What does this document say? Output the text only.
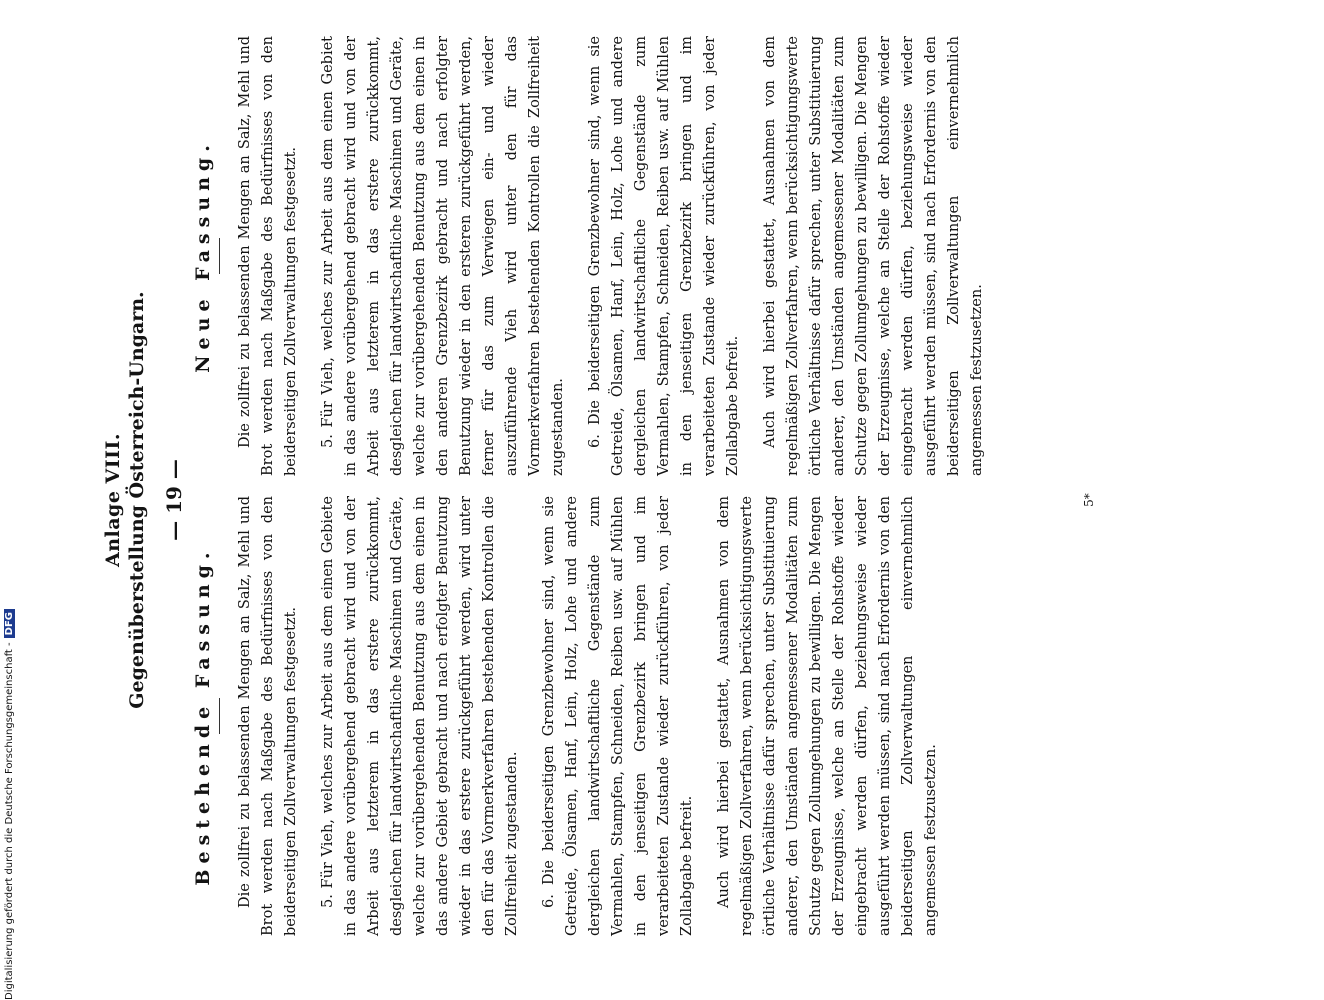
Anlage VIII. Gegenüberstellung Österreich-Ungarn. — 19 —
Bestehende Fassung. Die zollfrei zu belassenden Mengen an Salz, Mehl und Brot werden nach Maßgabe des Bedürfnisses von den beiderseitigen Zollverwaltungen festgesetzt. 5. Für Vieh, welches zur Arbeit aus dem einen Gebiete in das andere vorübergehend gebracht wird und von der Arbeit aus letzterem in das erstere zurückkommt, desgleichen für landwirtschaftliche Maschinen und Geräte, welche zur vorübergehenden Benutzung aus dem einen in das andere Gebiet gebracht und nach erfolgter Benutzung wieder in das erstere zurückgeführt werden, wird unter den für das Vormerkverfahren bestehenden Kontrollen die Zollfreiheit zugestanden. 6. Die beiderseitigen Grenzbewohner sind, wenn sie Getreide, Ölsamen, Hanf, Lein, Holz, Lohe und andere dergleichen landwirtschaftliche Gegenstände zum Vermahlen, Stampfen, Schneiden, Reiben usw. auf Mühlen in den jenseitigen Grenzbezirk bringen und im verarbeiteten Zustande wieder zurückführen, von jeder Zollabgabe befreit. Auch wird hierbei gestattet, Ausnahmen von dem regelmäßigen Zollverfahren, wenn berücksichtigungswerte örtliche Verhältnisse dafür sprechen, unter Substituierung anderer, den Umständen angemessener Modalitäten zum Schutze gegen Zollumgehungen zu bewilligen. Die Mengen der Erzeugnisse, welche an Stelle der Rohstoffe wieder eingebracht werden dürfen, beziehungsweise wieder ausgeführt werden müssen, sind nach Erfordernis von den beiderseitigen Zollverwaltungen einvernehmlich angemessen festzusetzen.

Neue Fassung. Die zollfrei zu belassenden Mengen an Salz, Mehl und Brot werden nach Maßgabe des Bedürfnisses von den beiderseitigen Zollverwaltungen festgesetzt. 5. Für Vieh, welches zur Arbeit aus dem einen Gebiet in das andere vorübergehend gebracht wird und von der Arbeit aus letzterem in das erstere zurückkommt, desgleichen für landwirtschaftliche Maschinen und Geräte, welche zur vorübergehenden Benutzung aus dem einen in den anderen Grenzbezirk gebracht und nach erfolgter Benutzung wieder in den ersteren zurückgeführt werden, ferner für das zum Verwiegen ein- und wieder auszuführende Vieh wird unter den für das Vormerkverfahren bestehenden Kontrollen die Zollfreiheit zugestanden. 6. Die beiderseitigen Grenzbewohner sind, wenn sie Getreide, Ölsamen, Hanf, Lein, Holz, Lohe und andere dergleichen landwirtschaftliche Gegenstände zum Vermahlen, Stampfen, Schneiden, Reiben usw. auf Mühlen in den jenseitigen Grenzbezirk bringen und im verarbeiteten Zustande wieder zurückführen, von jeder Zollabgabe befreit. Auch wird hierbei gestattet, Ausnahmen von dem regelmäßigen Zollverfahren, wenn berücksichtigungswerte örtliche Verhältnisse dafür sprechen, unter Substituierung anderer, den Umständen angemessener Modalitäten zum Schutze gegen Zollumgehungen zu bewilligen. Die Mengen der Erzeugnisse, welche an Stelle der Rohstoffe wieder eingebracht werden dürfen, beziehungsweise wieder ausgeführt werden müssen, sind nach Erfordernis von den beiderseitigen Zollverwaltungen einvernehmlich angemessen festzusetzen.

5*
Digitalisierung gefördert durch die Deutsche Forschungsgemeinschaft -DFG
